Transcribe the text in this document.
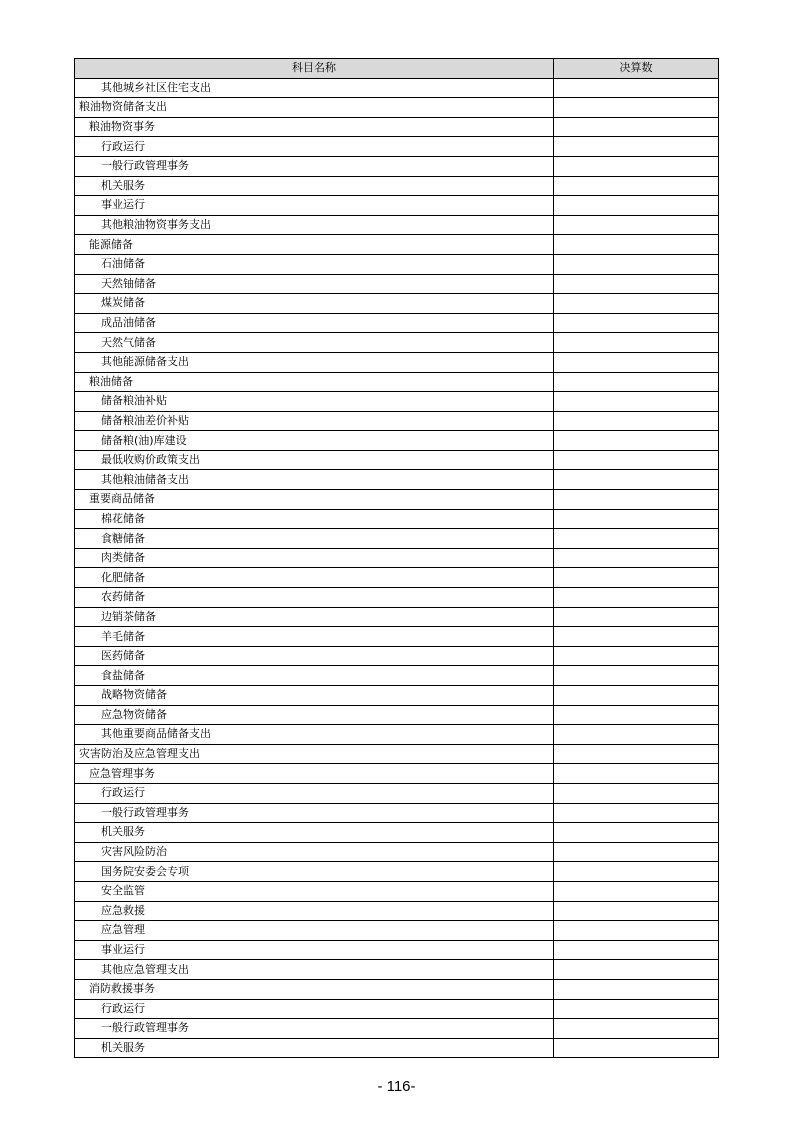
科目名称	决算数
其他城乡社区住宅支出	
粮油物资储备支出	
粮油物资事务	
行政运行	
一般行政管理事务	
机关服务	
事业运行	
其他粮油物资事务支出	
能源储备	
石油储备	
天然铀储备	
煤炭储备	
成品油储备	
天然气储备	
其他能源储备支出	
粮油储备	
储备粮油补贴	
储备粮油差价补贴	
储备粮(油)库建设	
最低收购价政策支出	
其他粮油储备支出	
重要商品储备	
棉花储备	
食糖储备	
肉类储备	
化肥储备	
农药储备	
边销茶储备	
羊毛储备	
医药储备	
食盐储备	
战略物资储备	
应急物资储备	
其他重要商品储备支出	
灾害防治及应急管理支出	
应急管理事务	
行政运行	
一般行政管理事务	
机关服务	
灾害风险防治	
国务院安委会专项	
安全监管	
应急救援	
应急管理	
事业运行	
其他应急管理支出	
消防救援事务	
行政运行	
一般行政管理事务	
机关服务	
- 116-
